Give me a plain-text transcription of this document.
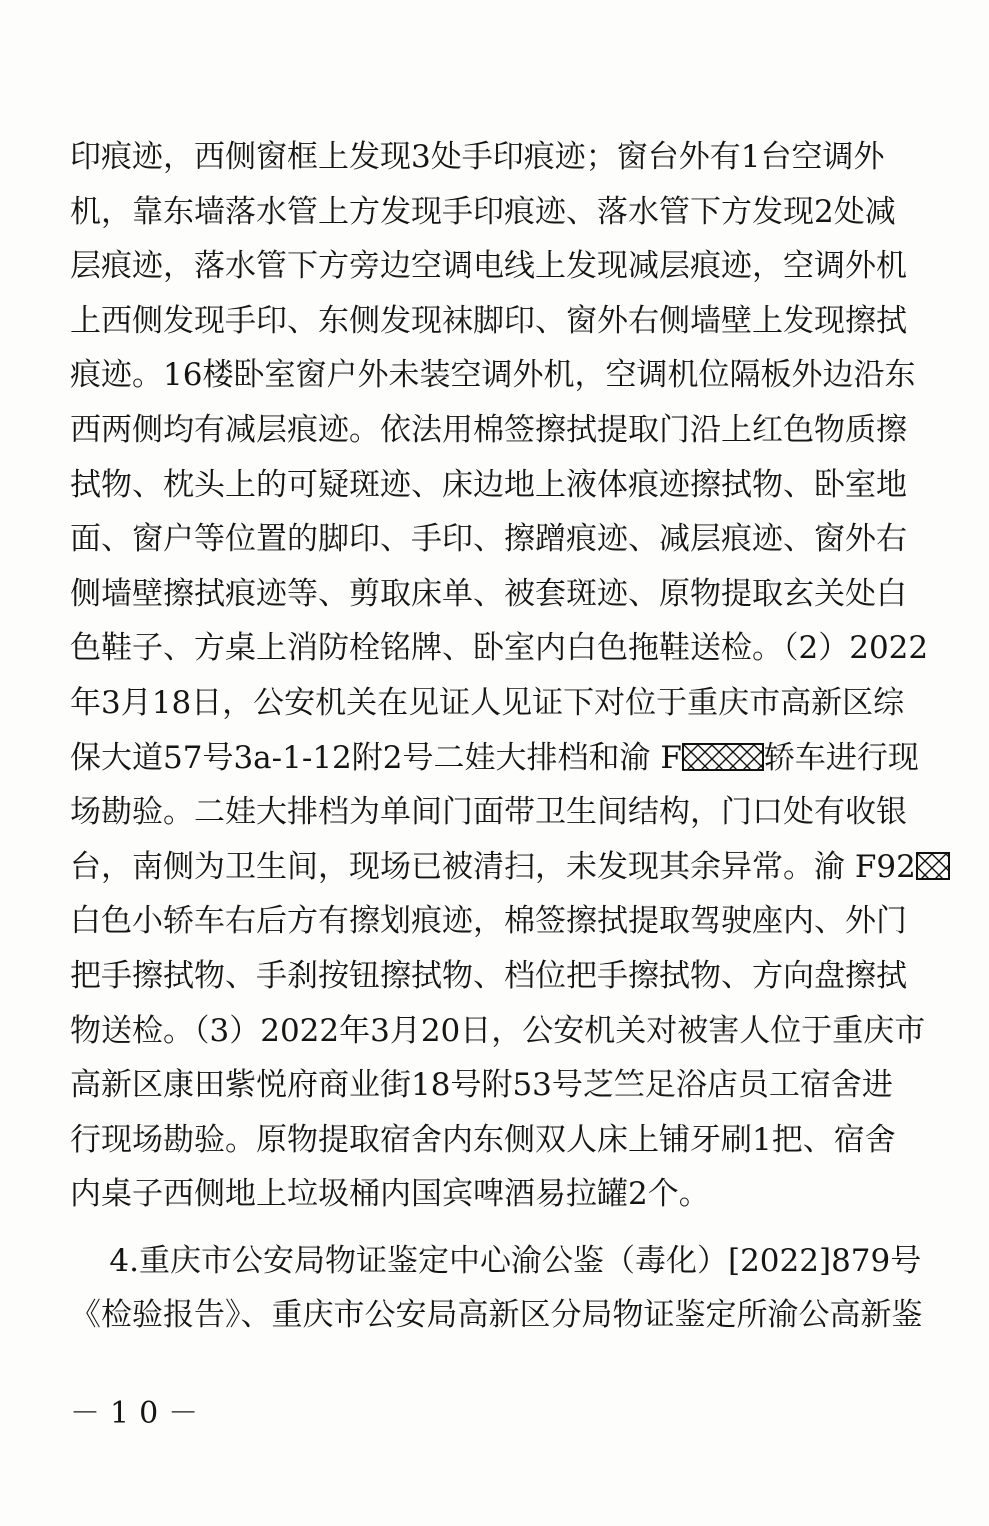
印痕迹，西侧窗框上发现3处手印痕迹；窗台外有1台空调外
机，靠东墙落水管上方发现手印痕迹、落水管下方发现2处减
层痕迹，落水管下方旁边空调电线上发现减层痕迹，空调外机
上西侧发现手印、东侧发现袜脚印、窗外右侧墙壁上发现擦拭
痕迹。16楼卧室窗户外未装空调外机，空调机位隔板外边沿东
西两侧均有减层痕迹。依法用棉签擦拭提取门沿上红色物质擦
拭物、枕头上的可疑斑迹、床边地上液体痕迹擦拭物、卧室地
面、窗户等位置的脚印、手印、擦蹭痕迹、减层痕迹、窗外右
侧墙壁擦拭痕迹等、剪取床单、被套斑迹、原物提取玄关处白
色鞋子、方桌上消防栓铭牌、卧室内白色拖鞋送检。（2）2022
年3月18日，公安机关在见证人见证下对位于重庆市高新区综
保大道57号3a-1-12附2号二娃大排档和渝 F	轿车进行现
场勘验。二娃大排档为单间门面带卫生间结构，门口处有收银
台，南侧为卫生间，现场已被清扫，未发现其余异常。渝 F92
白色小轿车右后方有擦划痕迹，棉签擦拭提取驾驶座内、外门
把手擦拭物、手刹按钮擦拭物、档位把手擦拭物、方向盘擦拭
物送检。（3）2022年3月20日，公安机关对被害人位于重庆市
高新区康田紫悦府商业街18号附53号芝竺足浴店员工宿舍进
行现场勘验。原物提取宿舍内东侧双人床上铺牙刷1把、宿舍
内桌子西侧地上垃圾桶内国宾啤酒易拉罐2个。
4.重庆市公安局物证鉴定中心渝公鉴（毒化）[2022]879号
《检验报告》、重庆市公安局高新区分局物证鉴定所渝公高新鉴
－10－
